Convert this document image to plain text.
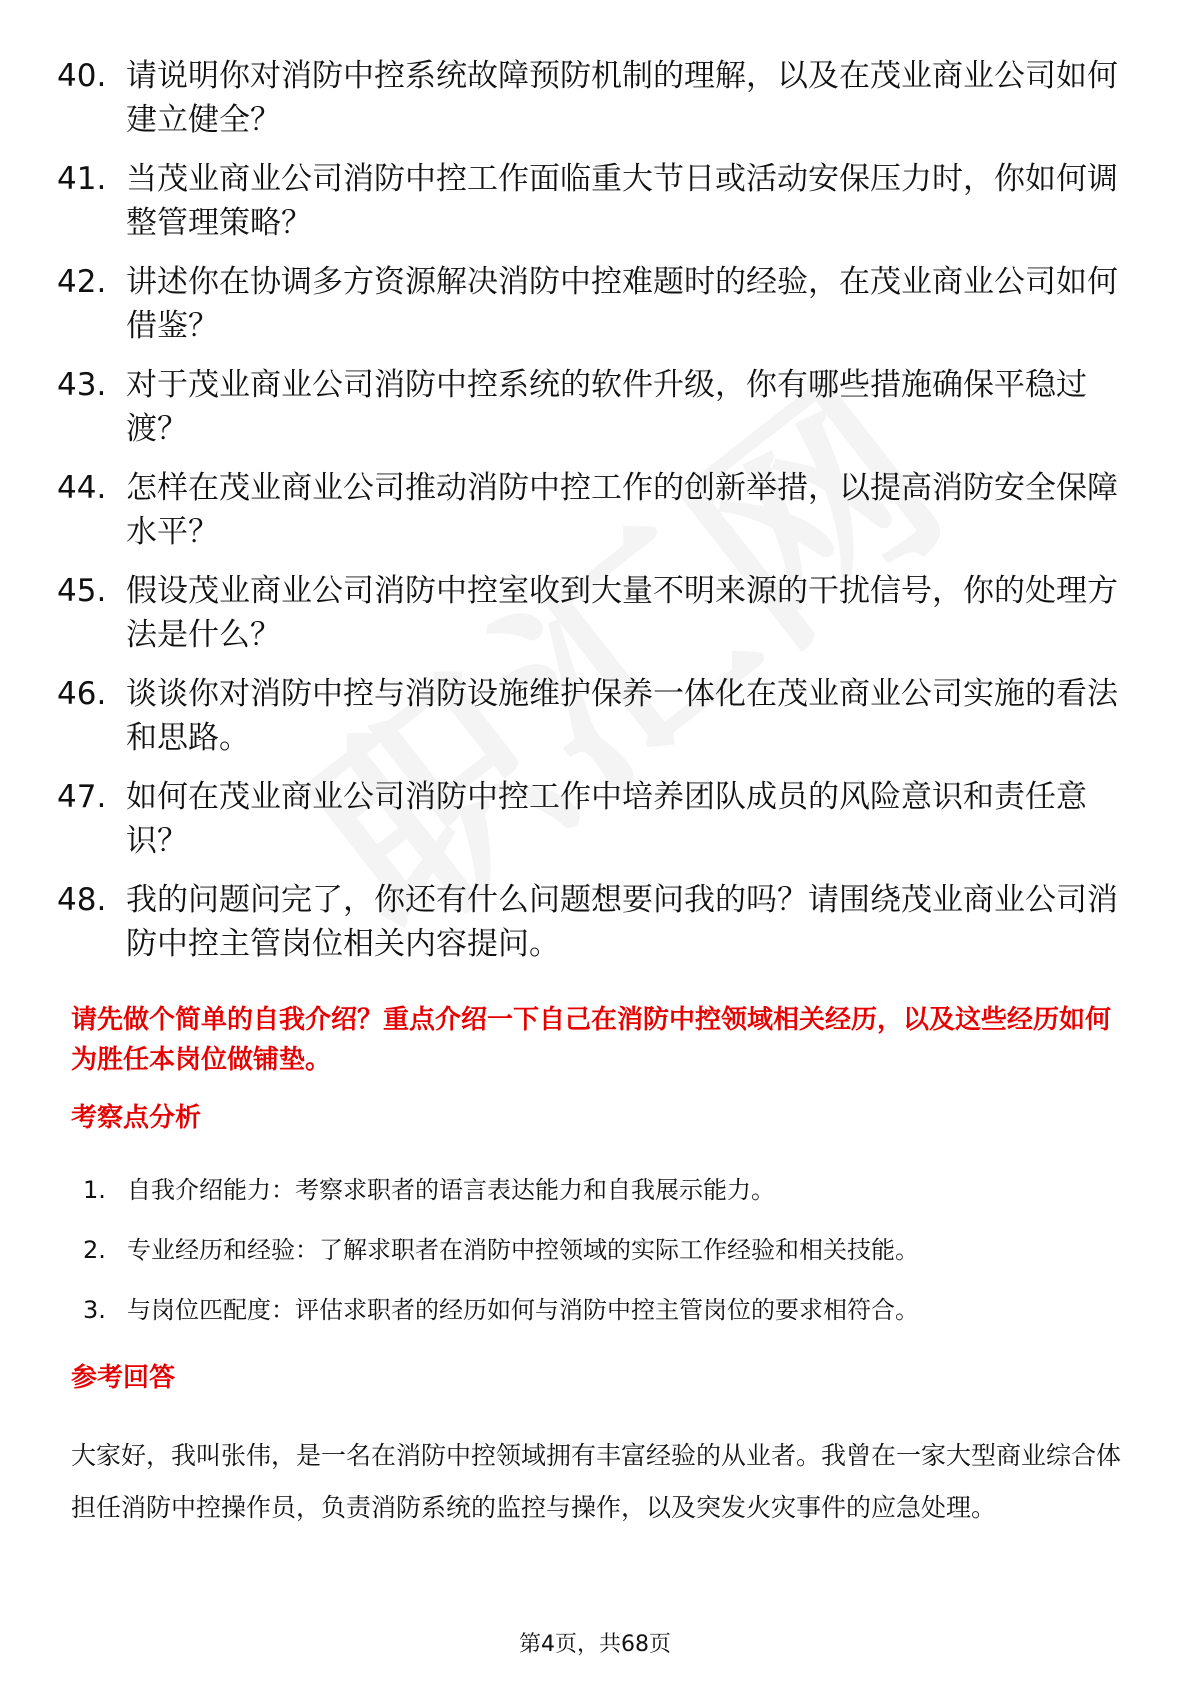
40. 请说明你对消防中控系统故障预防机制的理解，以及在茂业商业公司如何建立健全？
41. 当茂业商业公司消防中控工作面临重大节日或活动安保压力时，你如何调整管理策略？
42. 讲述你在协调多方资源解决消防中控难题时的经验，在茂业商业公司如何借鉴？
43. 对于茂业商业公司消防中控系统的软件升级，你有哪些措施确保平稳过渡？
44. 怎样在茂业商业公司推动消防中控工作的创新举措，以提高消防安全保障水平？
45. 假设茂业商业公司消防中控室收到大量不明来源的干扰信号，你的处理方法是什么？
46. 谈谈你对消防中控与消防设施维护保养一体化在茂业商业公司实施的看法和思路。
47. 如何在茂业商业公司消防中控工作中培养团队成员的风险意识和责任意识？
48. 我的问题问完了，你还有什么问题想要问我的吗？请围绕茂业商业公司消防中控主管岗位相关内容提问。
请先做个简单的自我介绍？重点介绍一下自己在消防中控领域相关经历，以及这些经历如何为胜任本岗位做铺垫。
考察点分析
1. 自我介绍能力：考察求职者的语言表达能力和自我展示能力。
2. 专业经历和经验：了解求职者在消防中控领域的实际工作经验和相关技能。
3. 与岗位匹配度：评估求职者的经历如何与消防中控主管岗位的要求相符合。
参考回答
大家好，我叫张伟，是一名在消防中控领域拥有丰富经验的从业者。我曾在一家大型商业综合体担任消防中控操作员，负责消防系统的监控与操作，以及突发火灾事件的应急处理。
第4页，共68页
